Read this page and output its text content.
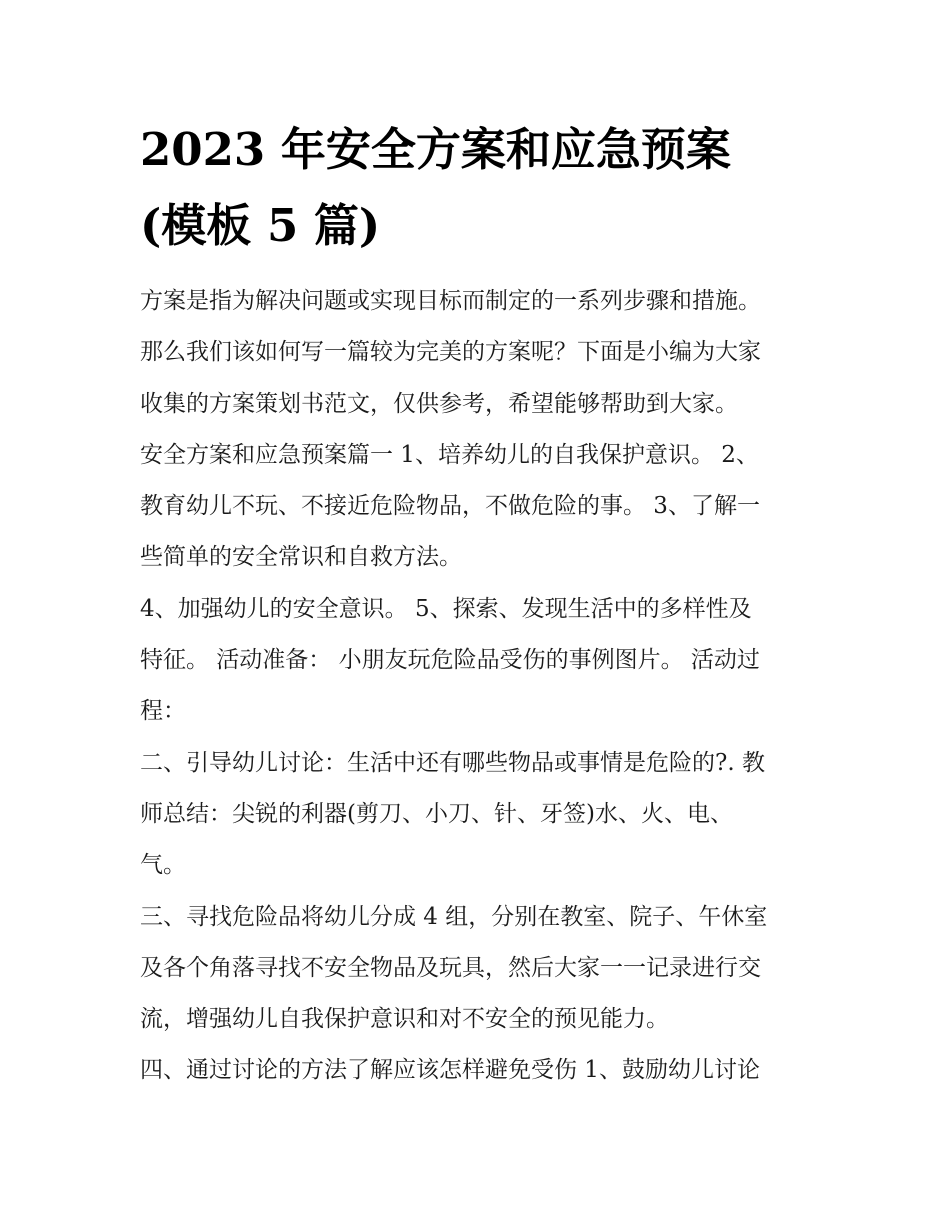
2023 年安全方案和应急预案
(模板 5 篇)
方案是指为解决问题或实现目标而制定的一系列步骤和措施。
那么我们该如何写一篇较为完美的方案呢？下面是小编为大家
收集的方案策划书范文，仅供参考，希望能够帮助到大家。
安全方案和应急预案篇一 1、培养幼儿的自我保护意识。 2、
教育幼儿不玩、不接近危险物品，不做危险的事。 3、了解一
些简单的安全常识和自救方法。
4、加强幼儿的安全意识。 5、探索、发现生活中的多样性及
特征。 活动准备： 小朋友玩危险品受伤的事例图片。 活动过
程：
二、引导幼儿讨论：生活中还有哪些物品或事情是危险的?. 教
师总结：尖锐的利器(剪刀、小刀、针、牙签)水、火、电、
气。
三、寻找危险品将幼儿分成 4 组，分别在教室、院子、午休室
及各个角落寻找不安全物品及玩具，然后大家一一记录进行交
流，增强幼儿自我保护意识和对不安全的预见能力。
四、通过讨论的方法了解应该怎样避免受伤 1、鼓励幼儿讨论
